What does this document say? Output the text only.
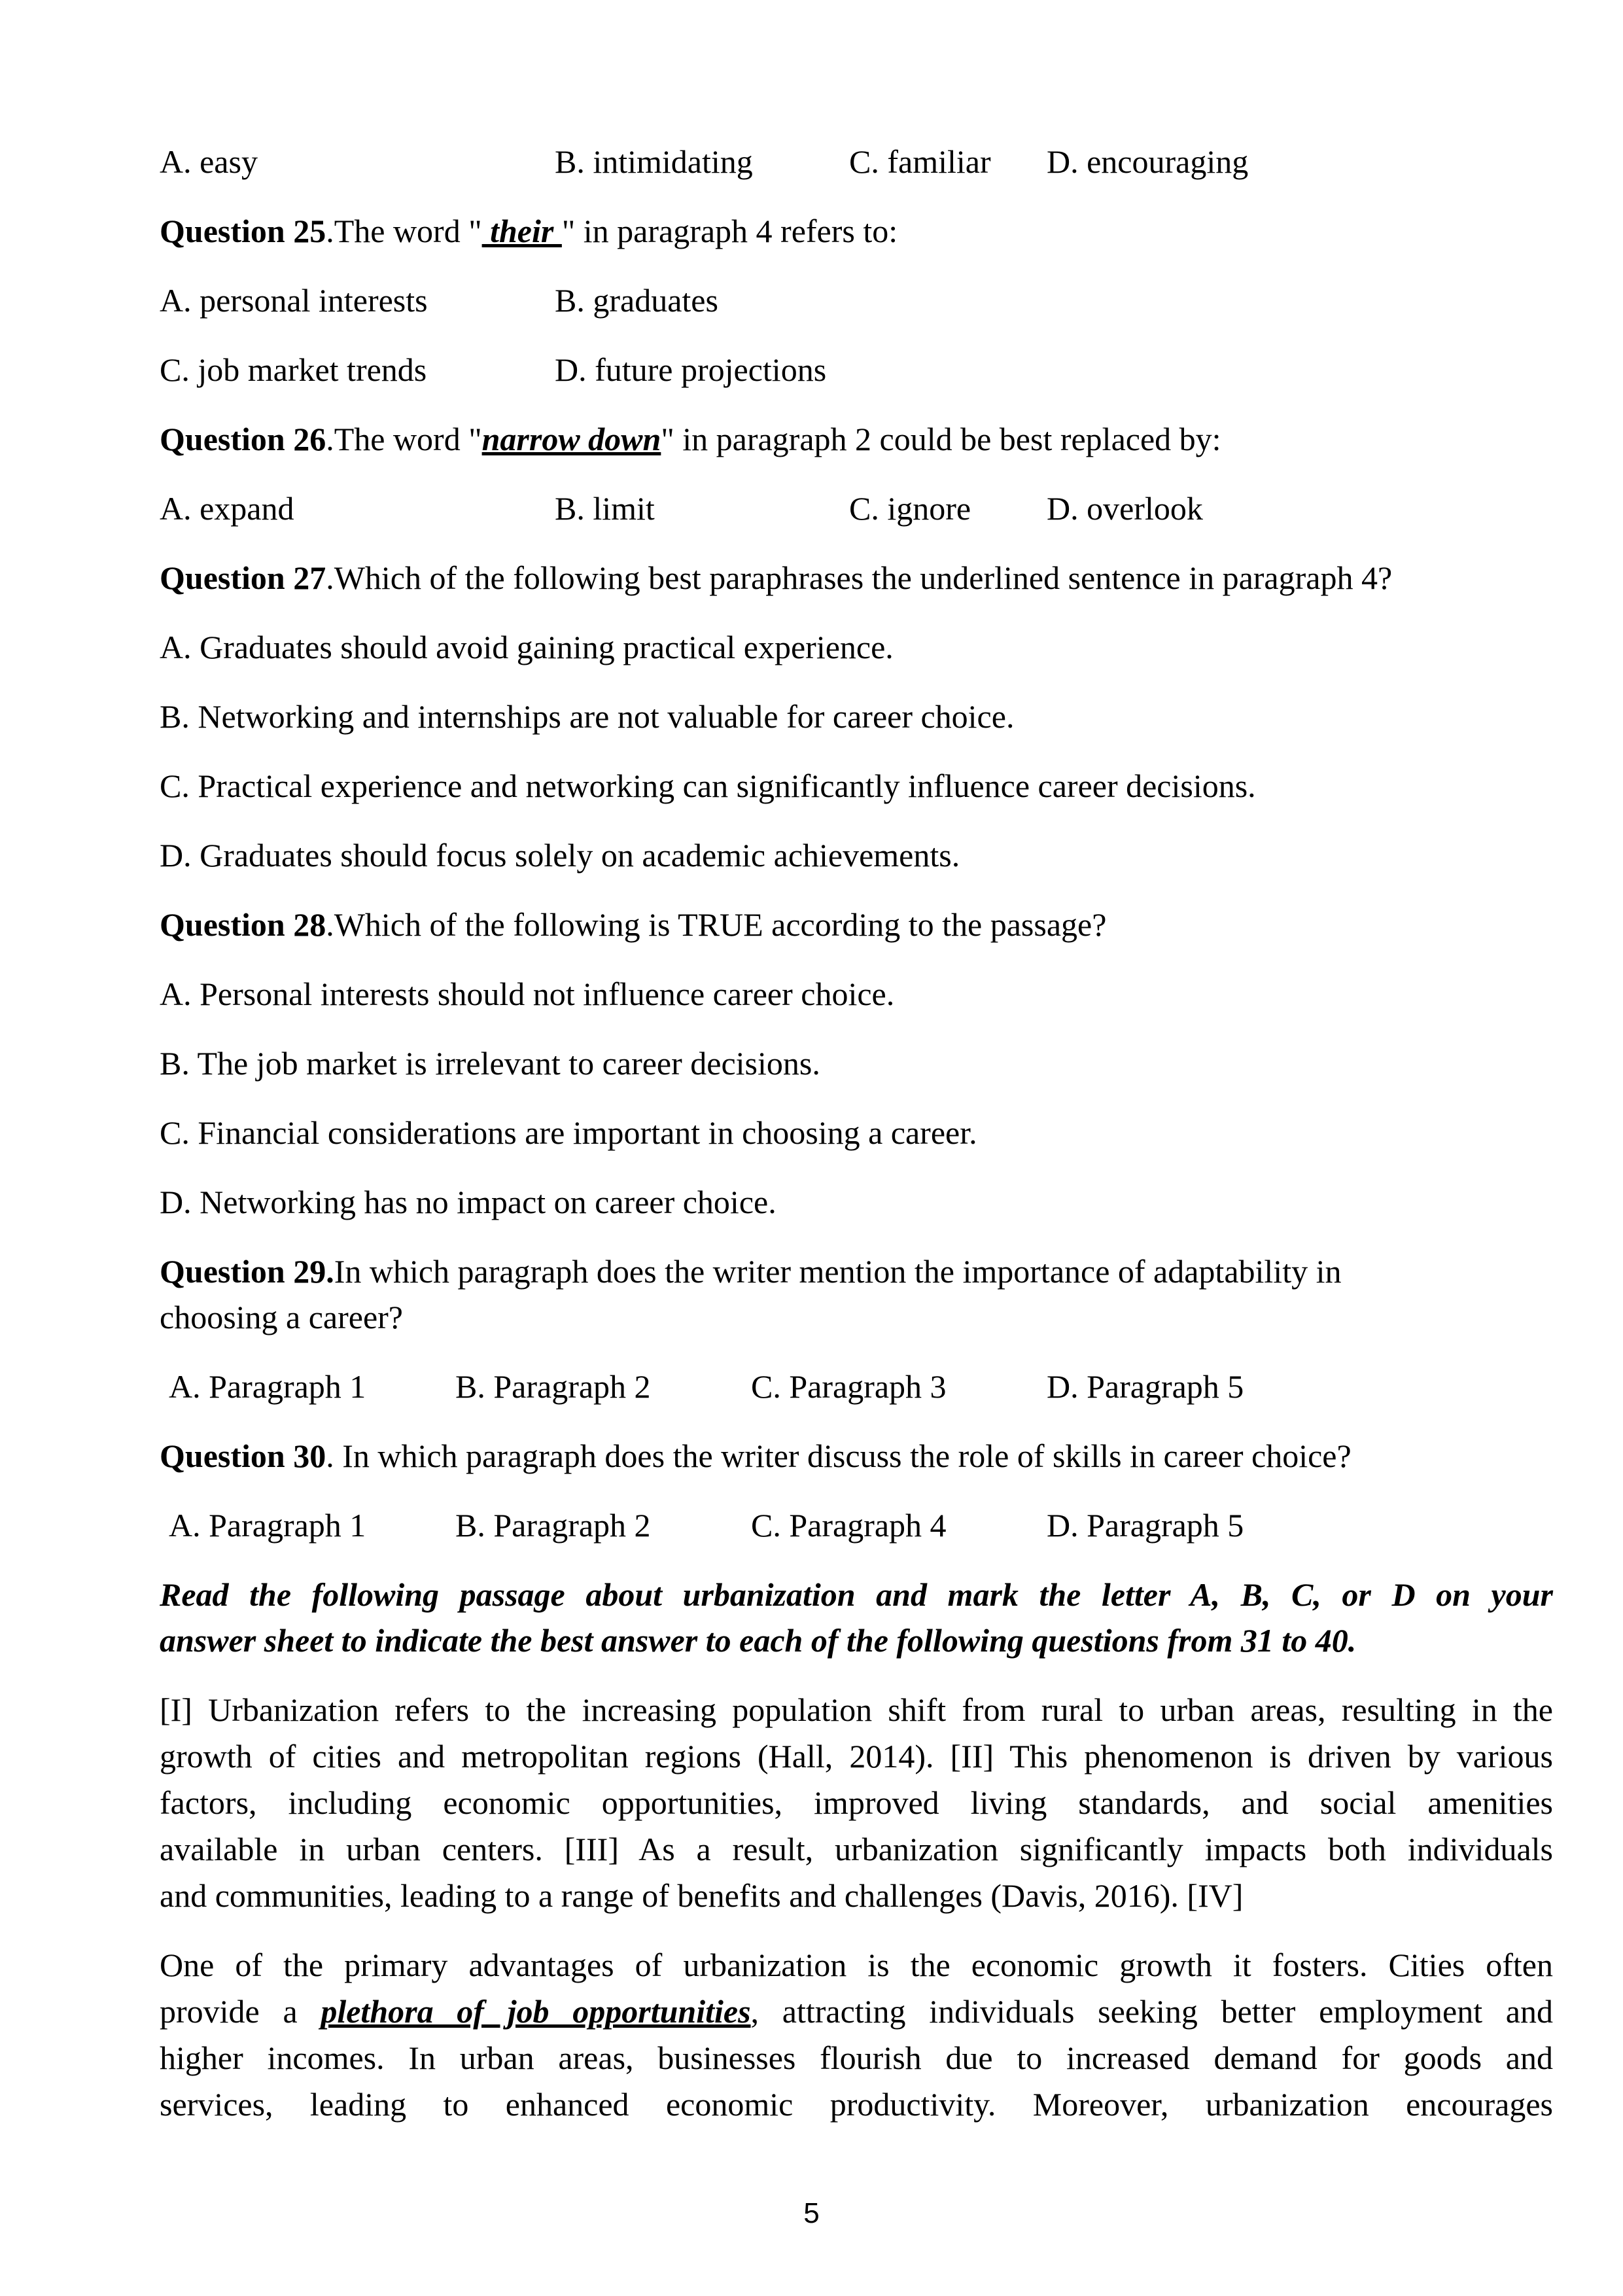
A. easy	B. intimidating	C. familiar D. encouraging
Question 25.The word " their " in paragraph 4 refers to:
A. personal interests	B. graduates
C. job market trends	D. future projections
Question 26.The word "narrow down" in paragraph 2 could be best replaced by:
A. expand	B. limit	C. ignore D. overlook
Question 27.Which of the following best paraphrases the underlined sentence in paragraph 4?
A. Graduates should avoid gaining practical experience.
B. Networking and internships are not valuable for career choice.
C. Practical experience and networking can significantly influence career decisions.
D. Graduates should focus solely on academic achievements.
Question 28.Which of the following is TRUE according to the passage?
A. Personal interests should not influence career choice.
B. The job market is irrelevant to career decisions.
C. Financial considerations are important in choosing a career.
D. Networking has no impact on career choice.
Question 29.In which paragraph does the writer mention the importance of adaptability in
choosing a career?
A. Paragraph 1	B. Paragraph 2	C. Paragraph 3	D. Paragraph 5
Question 30. In which paragraph does the writer discuss the role of skills in career choice?
A. Paragraph 1	B. Paragraph 2	C. Paragraph 4	D. Paragraph 5
Read the following passage about urbanization and mark the letter A, B, C, or D on your
answer sheet to indicate the best answer to each of the following questions from 31 to 40.
[I] Urbanization refers to the increasing population shift from rural to urban areas, resulting in the
growth of cities and metropolitan regions (Hall, 2014). [II] This phenomenon is driven by various
factors, including economic opportunities, improved living standards, and social amenities
available in urban centers. [III] As a result, urbanization significantly impacts both individuals
and communities, leading to a range of benefits and challenges (Davis, 2016). [IV]
One of the primary advantages of urbanization is the economic growth it fosters. Cities often
provide a plethora of job opportunities, attracting individuals seeking better employment and
higher incomes. In urban areas, businesses flourish due to increased demand for goods and
services, leading to enhanced economic productivity. Moreover, urbanization encourages
5
